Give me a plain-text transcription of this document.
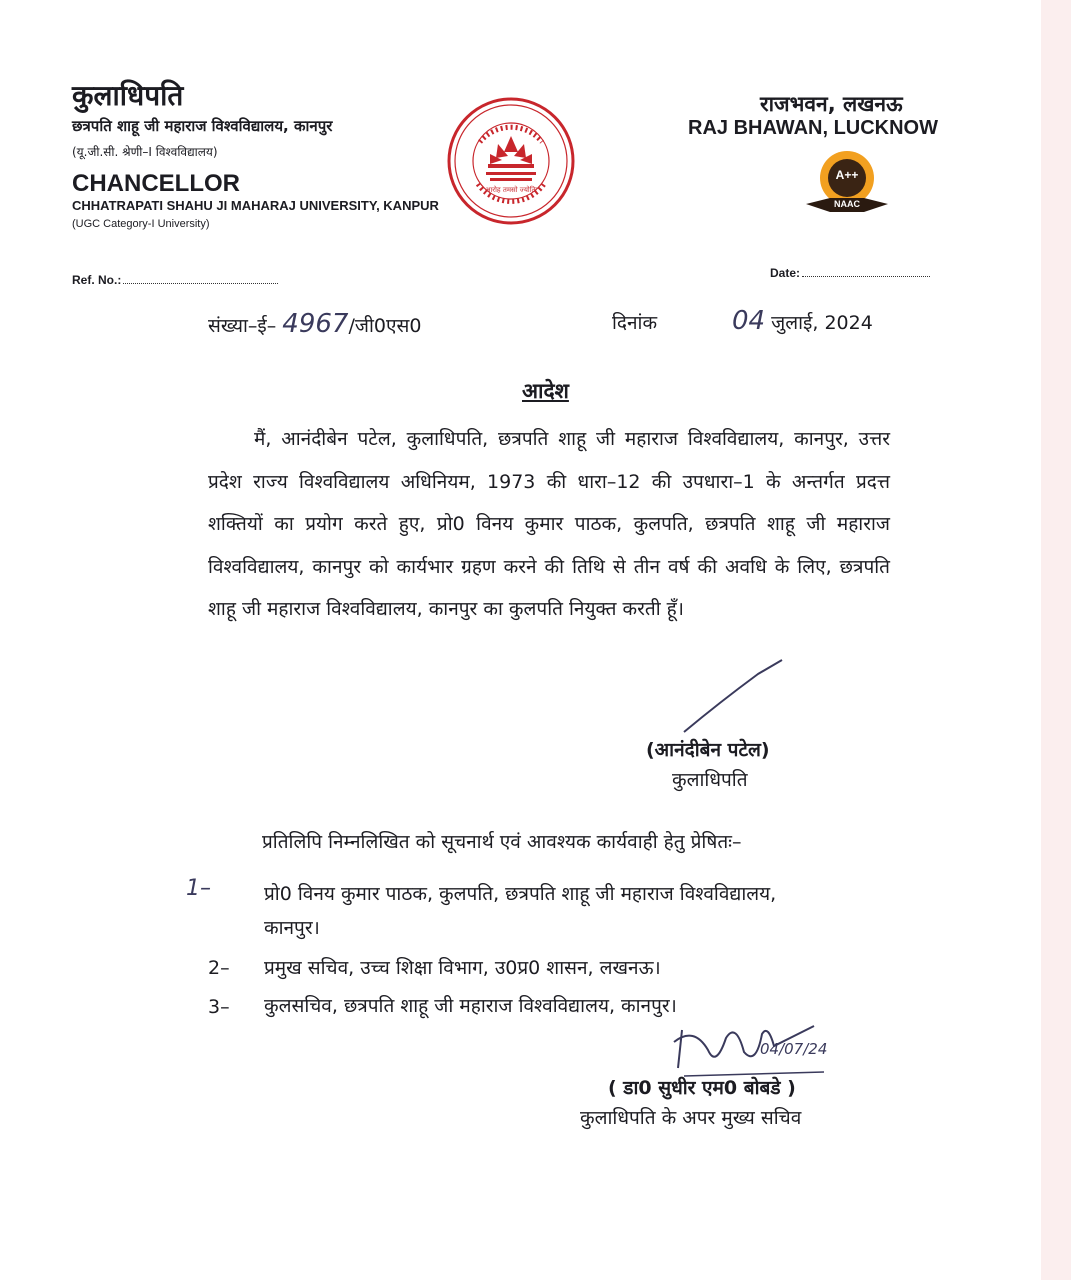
कुलाधिपति
छत्रपति शाहू जी महाराज विश्वविद्यालय, कानपुर
(यू.जी.सी. श्रेणी–I विश्वविद्यालय)
CHANCELLOR
CHHATRAPATI SHAHU JI MAHARAJ UNIVERSITY, KANPUR
(UGC Category-I University)
आरोह तमसो ज्योतिः
राजभवन, लखनऊ
RAJ BHAWAN, LUCKNOW
A++
NAAC
Ref. No.:	Date:
संख्या–ई– 4967/जी0एस0	दिनांक	04 जुलाई, 2024
आदेश

मैं, आनंदीबेन पटेल, कुलाधिपति, छत्रपति शाहू जी महाराज विश्वविद्यालय, कानपुर, उत्तर प्रदेश राज्य विश्वविद्यालय अधिनियम, 1973 की धारा–12 की उपधारा–1 के अन्तर्गत प्रदत्त शक्तियों का प्रयोग करते हुए, प्रो0 विनय कुमार पाठक, कुलपति, छत्रपति शाहू जी महाराज विश्वविद्यालय, कानपुर को कार्यभार ग्रहण करने की तिथि से तीन वर्ष की अवधि के लिए, छत्रपति शाहू जी महाराज विश्वविद्यालय, कानपुर का कुलपति नियुक्त करती हूँ।

(आनंदीबेन पटेल)
कुलाधिपति
प्रतिलिपि निम्नलिखित को सूचनार्थ एवं आवश्यक कार्यवाही हेतु प्रेषितः–
1–	प्रो0 विनय कुमार पाठक, कुलपति, छत्रपति शाहू जी महाराज विश्वविद्यालय,
कानपुर।
2– प्रमुख सचिव, उच्च शिक्षा विभाग, उ0प्र0 शासन, लखनऊ।
3– कुलसचिव, छत्रपति शाहू जी महाराज विश्वविद्यालय, कानपुर।
04/07/24
( डा0 सुधीर एम0 बोबडे )
कुलाधिपति के अपर मुख्य सचिव
